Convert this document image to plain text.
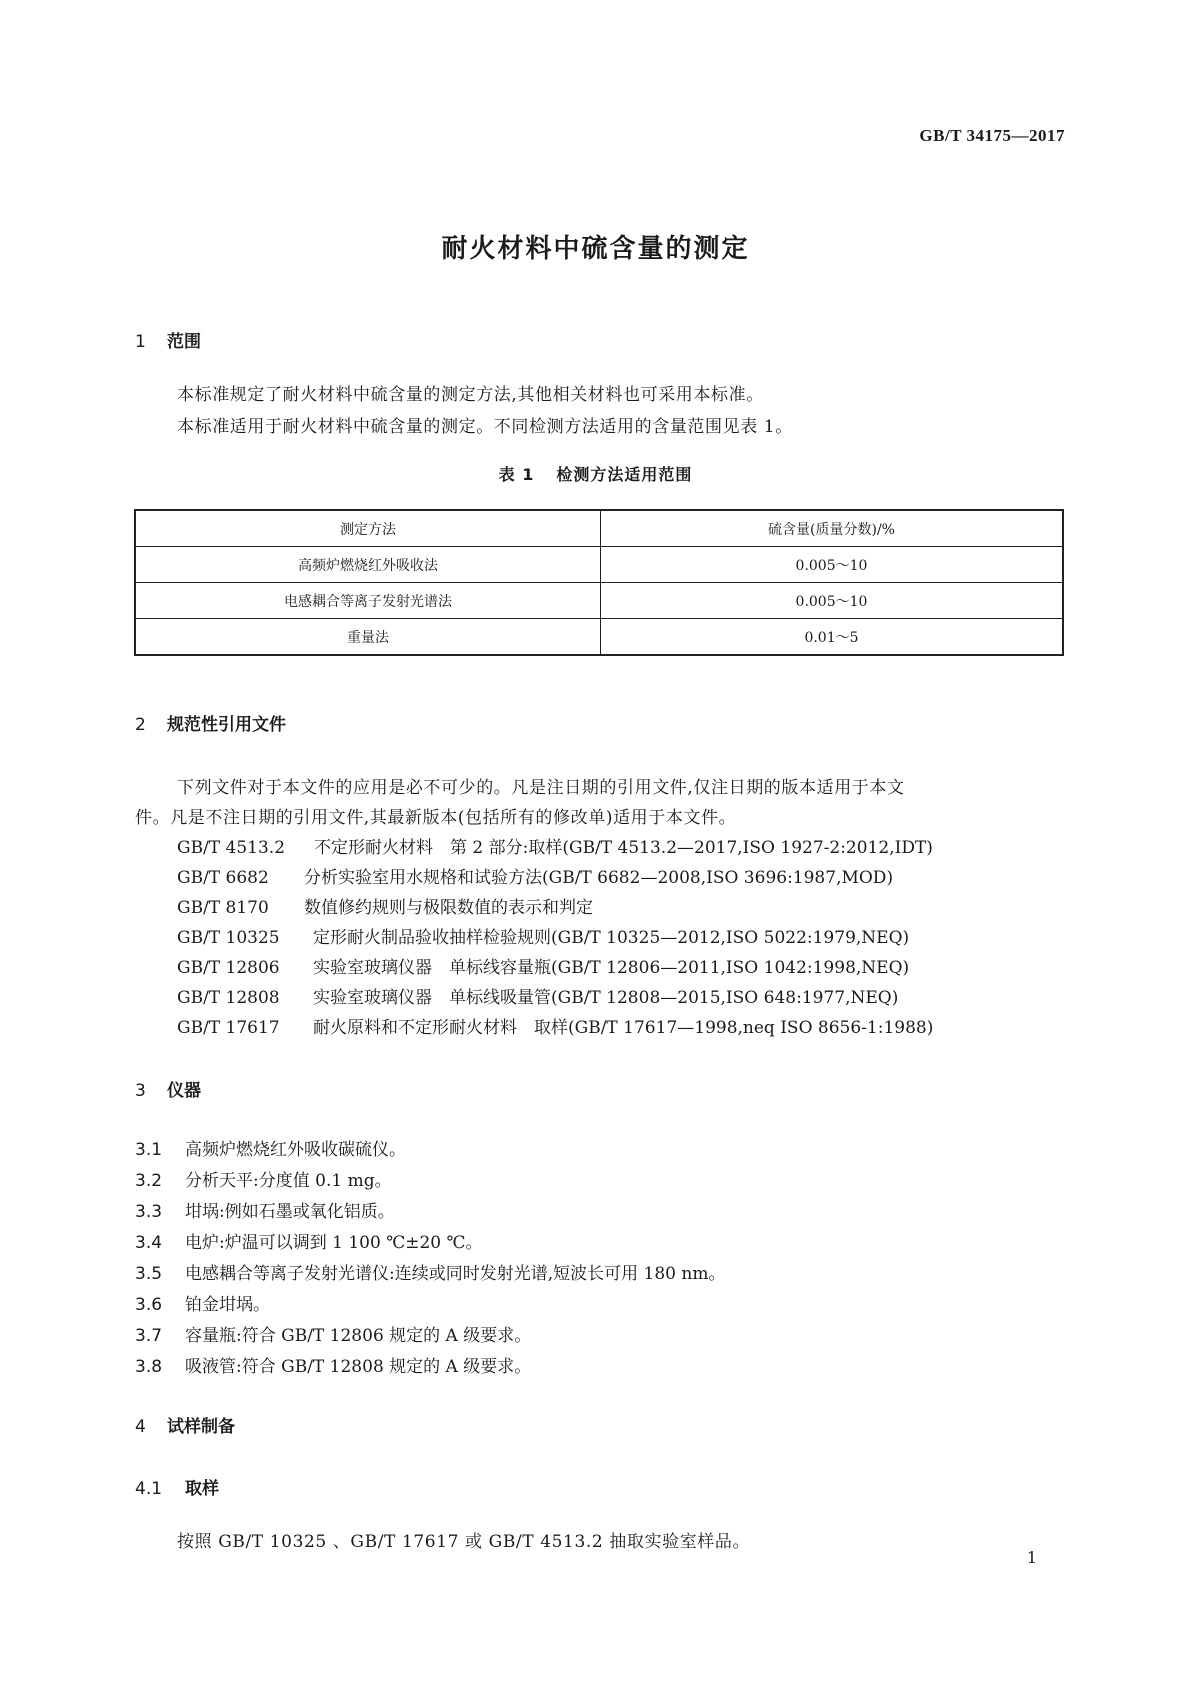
GB/T 34175—2017
耐火材料中硫含量的测定
1 范围
本标准规定了耐火材料中硫含量的测定方法,其他相关材料也可采用本标准。
本标准适用于耐火材料中硫含量的测定。不同检测方法适用的含量范围见表 1。
表 1 检测方法适用范围
测定方法	硫含量(质量分数)/%
高频炉燃烧红外吸收法	0.005～10
电感耦合等离子发射光谱法	0.005～10
重量法	0.01～5
2 规范性引用文件
下列文件对于本文件的应用是必不可少的。凡是注日期的引用文件,仅注日期的版本适用于本文
件。凡是不注日期的引用文件,其最新版本(包括所有的修改单)适用于本文件。
GB/T 4513.2 不定形耐火材料　第 2 部分:取样(GB/T 4513.2—2017,ISO 1927-2:2012,IDT)
GB/T 6682 分析实验室用水规格和试验方法(GB/T 6682—2008,ISO 3696:1987,MOD)
GB/T 8170 数值修约规则与极限数值的表示和判定
GB/T 10325 定形耐火制品验收抽样检验规则(GB/T 10325—2012,ISO 5022:1979,NEQ)
GB/T 12806 实验室玻璃仪器　单标线容量瓶(GB/T 12806—2011,ISO 1042:1998,NEQ)
GB/T 12808 实验室玻璃仪器　单标线吸量管(GB/T 12808—2015,ISO 648:1977,NEQ)
GB/T 17617 耐火原料和不定形耐火材料　取样(GB/T 17617—1998,neq ISO 8656-1:1988)
3 仪器
3.1 高频炉燃烧红外吸收碳硫仪。
3.2 分析天平:分度值 0.1 mg。
3.3 坩埚:例如石墨或氧化铝质。
3.4 电炉:炉温可以调到 1 100 ℃±20 ℃。
3.5 电感耦合等离子发射光谱仪:连续或同时发射光谱,短波长可用 180 nm。
3.6 铂金坩埚。
3.7 容量瓶:符合 GB/T 12806 规定的 A 级要求。
3.8 吸液管:符合 GB/T 12808 规定的 A 级要求。
4 试样制备
4.1 取样
按照 GB/T 10325 、GB/T 17617 或 GB/T 4513.2 抽取实验室样品。
1
